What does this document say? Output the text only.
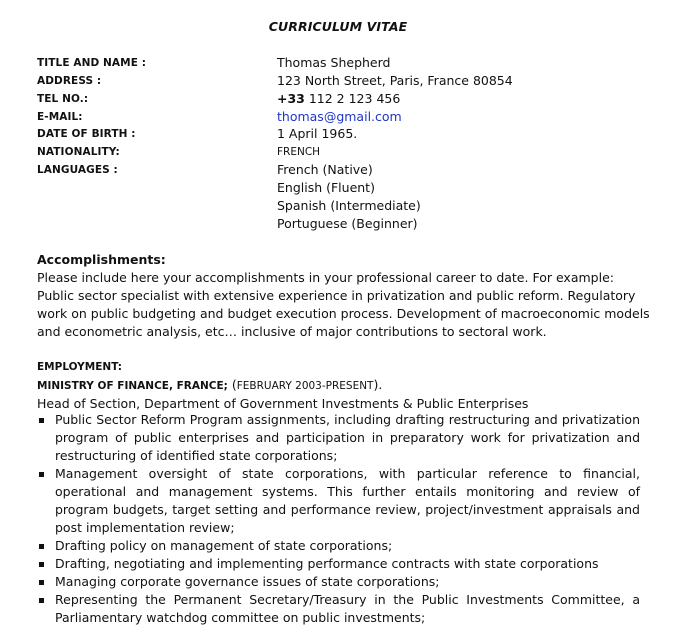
CURRICULUM VITAE
TITLE AND NAME :	Thomas Shepherd
ADDRESS :	123 North Street, Paris, France 80854
TEL NO.:	+33 112 2 123 456
E-MAIL:	thomas@gmail.com
DATE OF BIRTH :	1 April 1965.
NATIONALITY:	FRENCH
LANGUAGES :	French (Native)
English (Fluent)
Spanish (Intermediate)
Portuguese (Beginner)
Accomplishments:
Please include here your accomplishments in your professional career to date. For example:
Public sector specialist with extensive experience in privatization and public reform. Regulatory
work on public budgeting and budget execution process. Development of macroeconomic models
and econometric analysis, etc… inclusive of major contributions to sectoral work.
EMPLOYMENT:
MINISTRY OF FINANCE, FRANCE; (FEBRUARY 2003-PRESENT).
Head of Section, Department of Government Investments & Public Enterprises
Public Sector Reform Program assignments, including drafting restructuring and privatization program of public enterprises and participation in preparatory work for privatization and restructuring of identified state corporations;
Management oversight of state corporations, with particular reference to financial, operational and management systems. This further entails monitoring and review of program budgets, target setting and performance review, project/investment appraisals and post implementation review;
Drafting policy on management of state corporations;
Drafting, negotiating and implementing performance contracts with state corporations
Managing corporate governance issues of state corporations;
Representing the Permanent Secretary/Treasury in the Public Investments Committee, a Parliamentary watchdog committee on public investments;
